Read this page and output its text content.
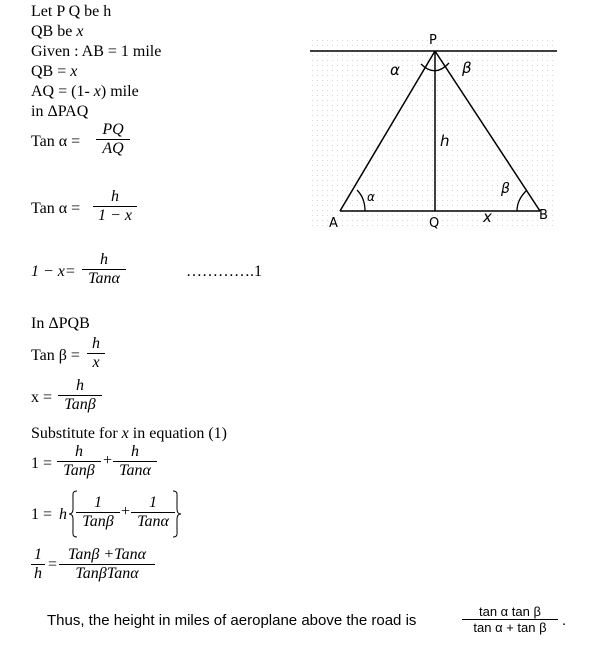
Let P Q be h
QB be x
Given : AB = 1 mile
QB = x
AQ = (1- x) mile
in ΔPAQ
Tan $\alpha = \frac{PQ}{AQ}$
Tan $\alpha = \frac{h}{1 - x}$
1 − x=
h
Tanα	………….1
In ΔPQB
Tan $\beta = \frac{h}{x}$
x =
h
Tanβ
Substitute for x in equation (1)
1 =
h
Tanβ
+
h
Tanα
1 = h
1
Tanβ
+
1
Tanα
$\frac{1}{h}$ =
Tanβ +Tanα
TanβTanα
Thus, the height in miles of aeroplane above the road is	$\frac{\text{tan α tan β}}{\text{tan α + tan β}}$ .
P
A	Q
B
h
x
α	β
α	β
